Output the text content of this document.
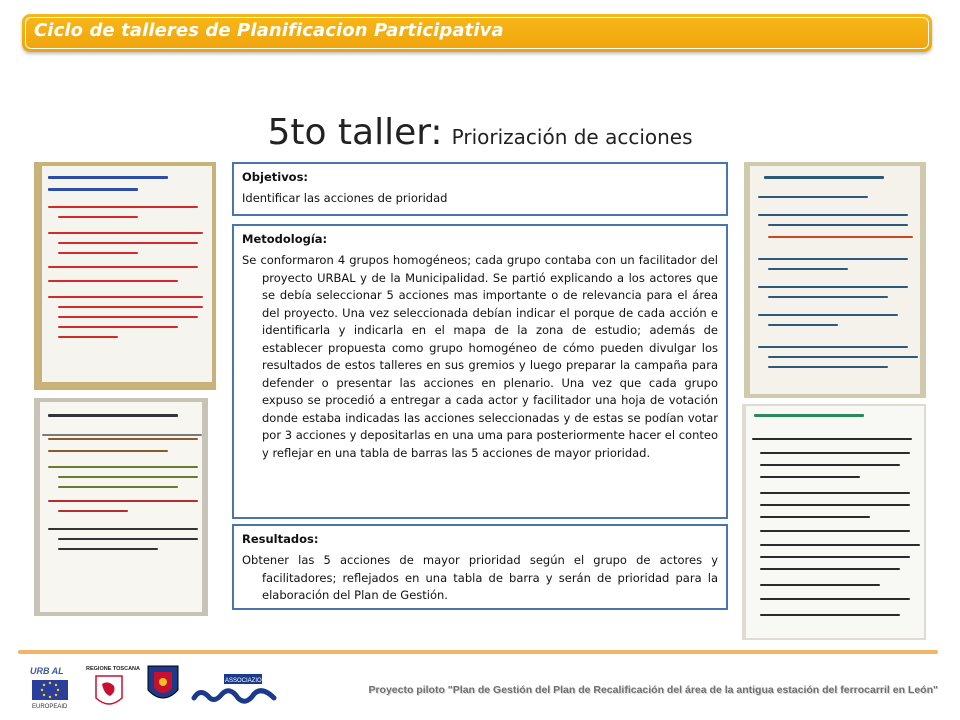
Ciclo de talleres de Planificacion Participativa
5to taller: Priorización de acciones
Objetivos:

Identificar las acciones de prioridad

Metodología:

Se conformaron 4 grupos homogéneos; cada grupo contaba con un facilitador del proyecto URBAL y de la Municipalidad. Se partió explicando a los actores que se debía seleccionar 5 acciones mas importante o de relevancia para el área del proyecto. Una vez seleccionada debían indicar el porque de cada acción e identificarla y indicarla en el mapa de la zona de estudio; además de establecer propuesta como grupo homogéneo de cómo pueden divulgar los resultados de estos talleres en sus gremios y luego preparar la campaña para defender o presentar las acciones en plenario. Una vez que cada grupo expuso se procedió a entregar a cada actor y facilitador una hoja de votación donde estaba indicadas las acciones seleccionadas y de estas se podían votar por 3 acciones y depositarlas en una uma para posteriormente hacer el conteo y reflejar en una tabla de barras las 5 acciones de mayor prioridad.

Resultados:

Obtener las 5 acciones de mayor prioridad según el grupo de actores y facilitadores; reflejados en una tabla de barra y serán de prioridad para la elaboración del Plan de Gestión.

URB AL
EUROPEAID
REGIONE TOSCANA
ASSOCIAZIONE
Proyecto piloto "Plan de Gestión del Plan de Recalificación del área de la antigua estación del ferrocarril en León"
